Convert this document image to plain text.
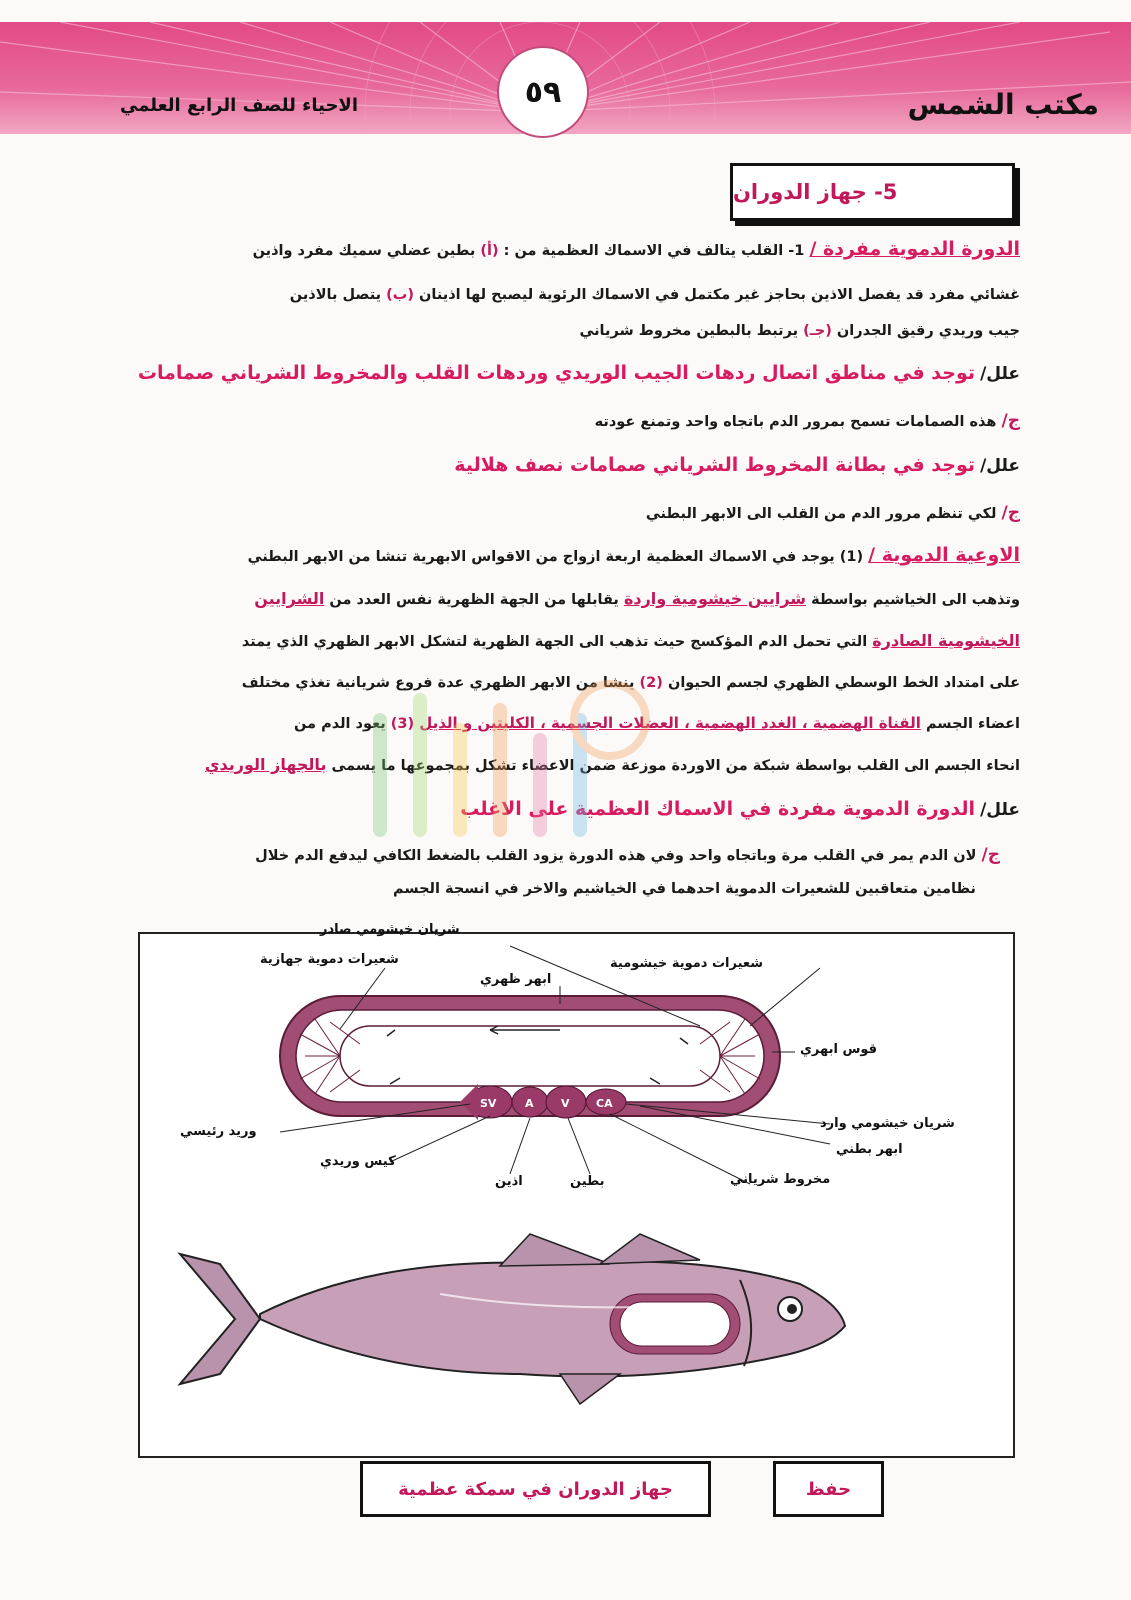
٥٩
الاحياء للصف الرابع العلمي	مكتب الشمس
5- جهاز الدوران
الدورة الدموية مفردة / 1- القلب يتالف في الاسماك العظمية من : (أ) بطين عضلي سميك مفرد واذين
غشائي مفرد قد يفصل الاذين بحاجز غير مكتمل في الاسماك الرئوية ليصبح لها اذينان (ب) يتصل بالاذين
جيب وريدي رقيق الجدران (جـ) يرتبط بالبطين مخروط شرياني
علل/ توجد في مناطق اتصال ردهات الجيب الوريدي وردهات القلب والمخروط الشرياني صمامات
ج/ هذه الصمامات تسمح بمرور الدم باتجاه واحد وتمنع عودته
علل/ توجد في بطانة المخروط الشرياني صمامات نصف هلالية
ج/ لكي تنظم مرور الدم من القلب الى الابهر البطني
الاوعية الدموية / (1) يوجد في الاسماك العظمية اربعة ازواج من الاقواس الابهرية تنشا من الابهر البطني
وتذهب الى الخياشيم بواسطة شرايين خيشومية واردة يقابلها من الجهة الظهرية نفس العدد من الشرايين
الخيشومية الصادرة التي تحمل الدم المؤكسج حيث تذهب الى الجهة الظهرية لتشكل الابهر الظهري الذي يمتد
على امتداد الخط الوسطي الظهري لجسم الحيوان (2) ينشا من الابهر الظهري عدة فروع شريانية تغذي مختلف
اعضاء الجسم القناة الهضمية ، الغدد الهضمية ، العضلات الجسمية ، الكليتين و الذيل (3) يعود الدم من
انحاء الجسم الى القلب بواسطة شبكة من الاوردة موزعة ضمن الاعضاء تشكل بمجموعها ما يسمى بالجهاز الوريدي
علل/ الدورة الدموية مفردة في الاسماك العظمية على الاغلب
ج/ لان الدم يمر في القلب مرة وباتجاه واحد وفي هذه الدورة يزود القلب بالضغط الكافي ليدفع الدم خلال
نظامين متعاقبين للشعيرات الدموية احدهما في الخياشيم والاخر في انسجة الجسم
SV	A V CA
شريان خيشومي صادر
شعيرات دموية جهازية	شعيرات دموية خيشومية
ابهر ظهري
قوس ابهري
شريان خيشومي وارد
ابهر بطني
وريد رئيسي
كيس وريدي
اذين	بطين	مخروط شرياني
جهاز الدوران في سمكة عظمية	حفظ
